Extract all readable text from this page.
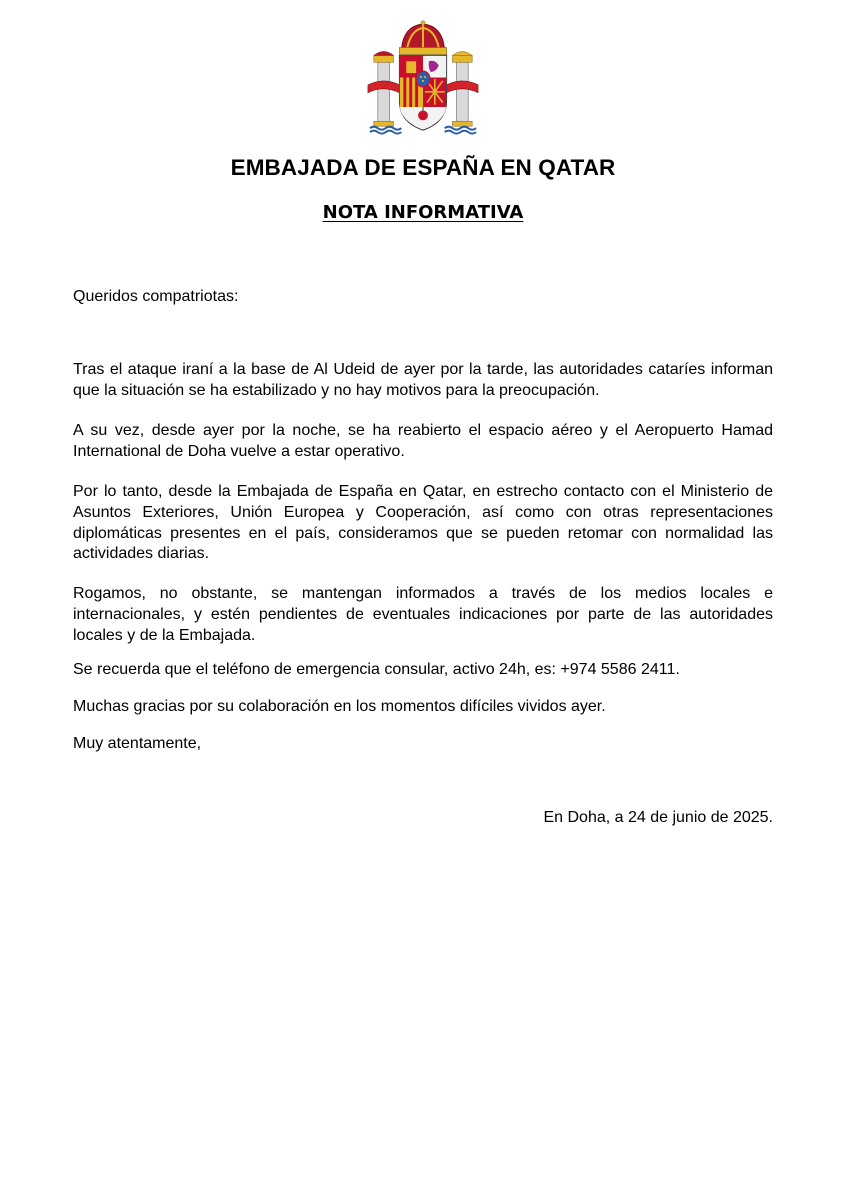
EMBAJADA DE ESPAÑA EN QATAR
NOTA INFORMATIVA
Queridos compatriotas:

Tras el ataque iraní a la base de Al Udeid de ayer por la tarde, las autoridades cataríes informan que la situación se ha estabilizado y no hay motivos para la preocupación.

A su vez, desde ayer por la noche, se ha reabierto el espacio aéreo y el Aeropuerto Hamad International de Doha vuelve a estar operativo.

Por lo tanto, desde la Embajada de España en Qatar, en estrecho contacto con el Ministerio de Asuntos Exteriores, Unión Europea y Cooperación, así como con otras representaciones diplomáticas presentes en el país, consideramos que se pueden retomar con normalidad las actividades diarias.

Rogamos, no obstante, se mantengan informados a través de los medios locales e internacionales, y estén pendientes de eventuales indicaciones por parte de las autoridades locales y de la Embajada.

Se recuerda que el teléfono de emergencia consular, activo 24h, es: +974 5586 2411.

Muchas gracias por su colaboración en los momentos difíciles vividos ayer.

Muy atentamente,

En Doha, a 24 de junio de 2025.
